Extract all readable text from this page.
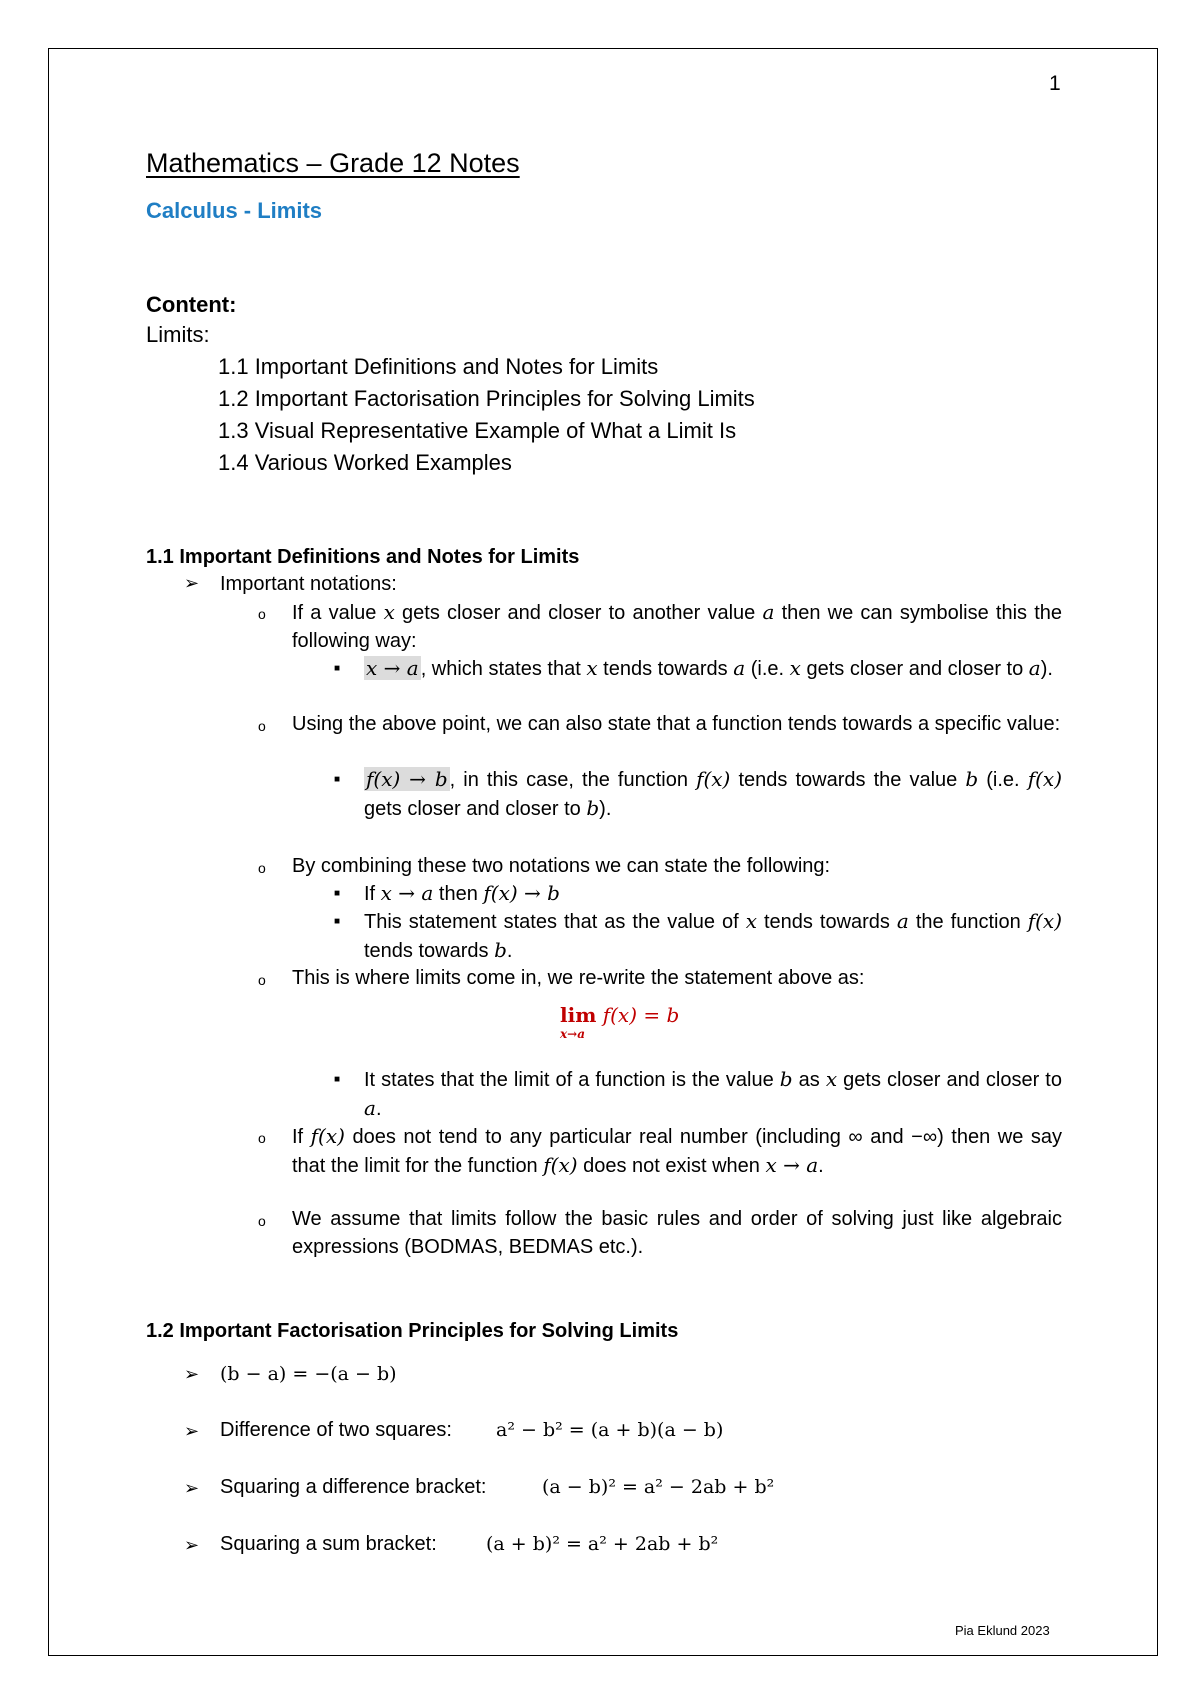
1
Mathematics – Grade 12 Notes
Calculus - Limits
Content:
Limits:
1.1 Important Definitions and Notes for Limits
1.2 Important Factorisation Principles for Solving Limits
1.3 Visual Representative Example of What a Limit Is
1.4 Various Worked Examples
1.1 Important Definitions and Notes for Limits
➢ Important notations:
o If a value x gets closer and closer to another value a then we can symbolise this the following way:
■ x → a , which states that x tends towards a (i.e. x gets closer and closer to a).
o Using the above point, we can also state that a function tends towards a specific value:
■ f(x) → b , in this case, the function f(x) tends towards the value b (i.e. f(x) gets closer and closer to b).
o By combining these two notations we can state the following:
■ If x → a then f(x) → b
■ This statement states that as the value of x tends towards a the function f(x) tends towards b.
o This is where limits come in, we re-write the statement above as:
lim f(x) = b
x→a
■ It states that the limit of a function is the value b as x gets closer and closer to a.
o If f(x) does not tend to any particular real number (including ∞ and −∞) then we say that the limit for the function f(x) does not exist when x → a.
o We assume that limits follow the basic rules and order of solving just like algebraic expressions (BODMAS, BEDMAS etc.).
1.2 Important Factorisation Principles for Solving Limits
➢ (b − a) = −(a − b)
➢ Difference of two squares: a² − b² = (a + b)(a − b)
➢ Squaring a difference bracket:	(a − b)² = a² − 2ab + b²
➢ Squaring a sum bracket:	(a + b)² = a² + 2ab + b²
Pia Eklund 2023
